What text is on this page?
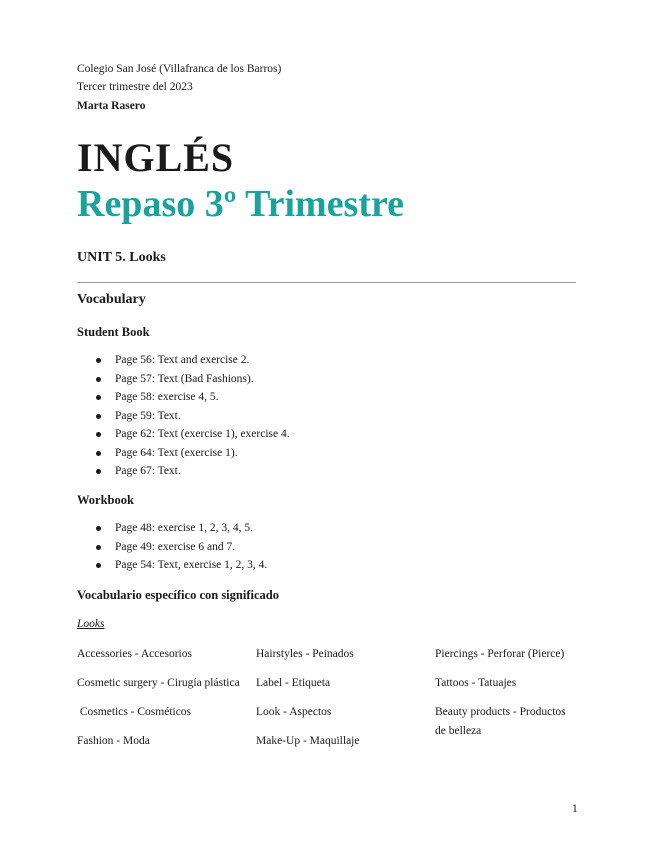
Colegio San José (Villafranca de los Barros)
Tercer trimestre del 2023
Marta Rasero
INGLÉS
Repaso 3º Trimestre
UNIT 5. Looks
Vocabulary
Student Book
Page 56: Text and exercise 2.
Page 57: Text (Bad Fashions).
Page 58: exercise 4, 5.
Page 59: Text.
Page 62: Text (exercise 1), exercise 4.
Page 64: Text (exercise 1).
Page 67: Text.
Workbook
Page 48: exercise 1, 2, 3, 4, 5.
Page 49: exercise 6 and 7.
Page 54: Text, exercise 1, 2, 3, 4.
Vocabulario específico con significado
Looks
Accessories - Accesorios
Cosmetic surgery - Cirugía plástica
Cosmetics - Cosméticos
Fashion - Moda
Hairstyles - Peinados
Label - Etiqueta
Look - Aspectos
Make-Up - Maquillaje
Piercings - Perforar (Pierce)
Tattoos - Tatuajes
Beauty products - Productos de belleza
1
